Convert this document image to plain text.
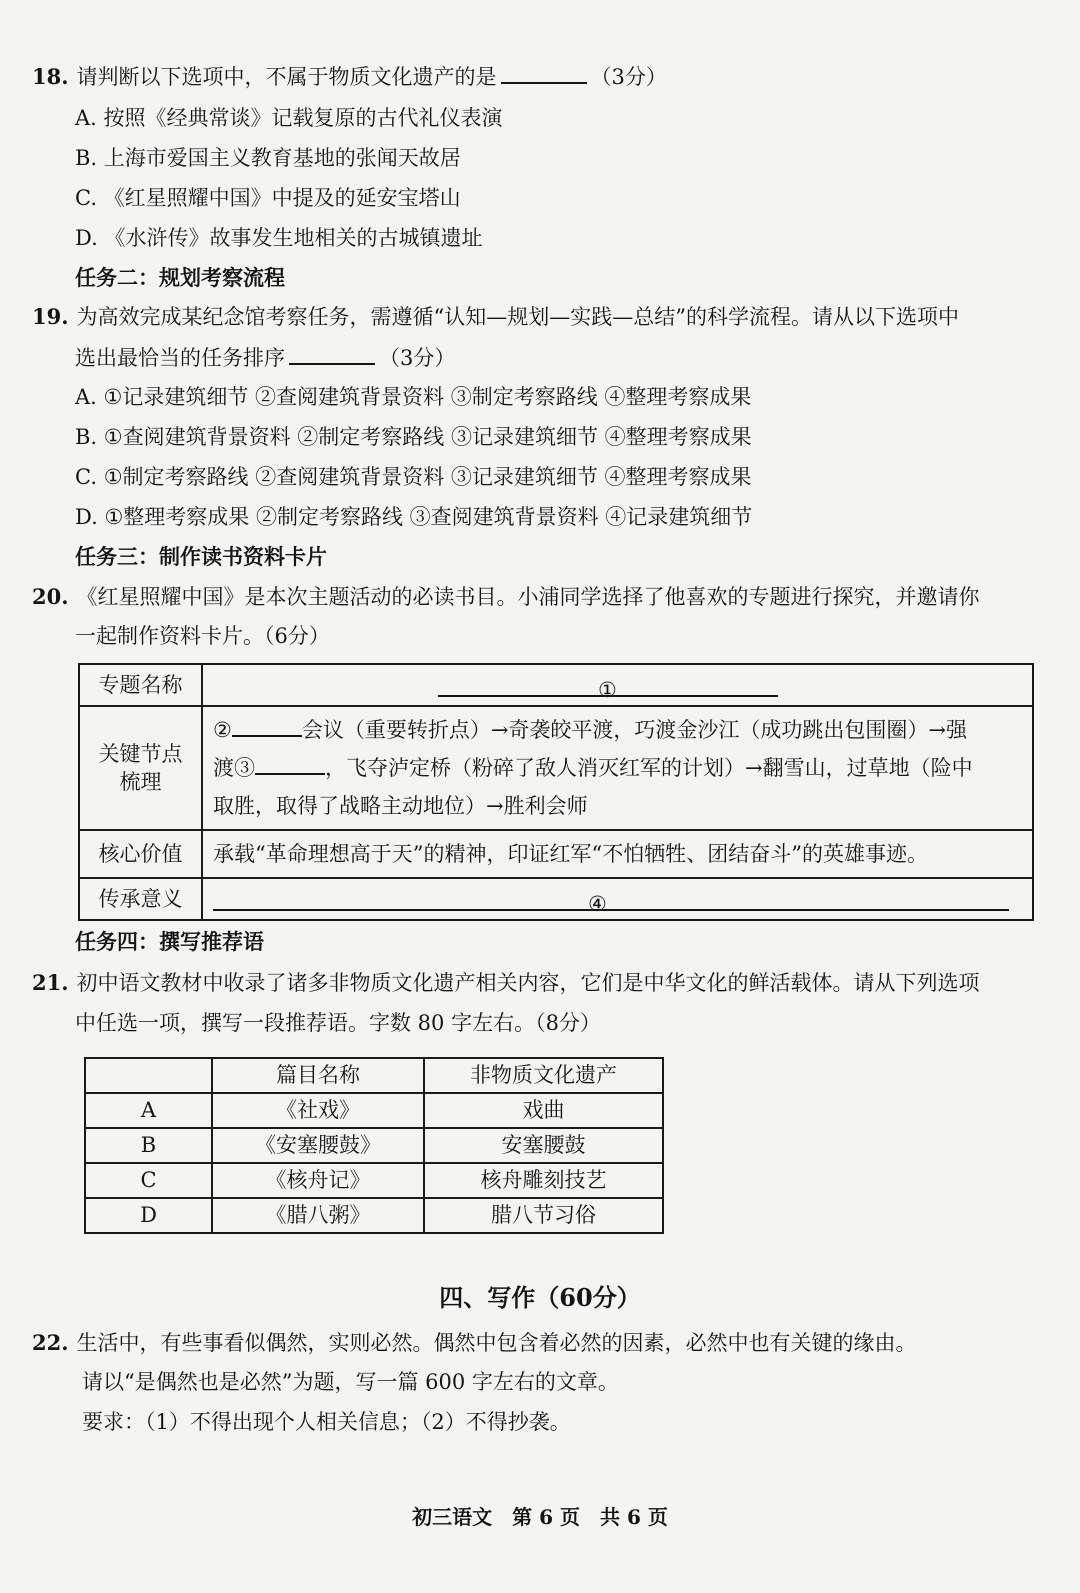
18. 请判断以下选项中，不属于物质文化遗产的是	（3分）
A. 按照《经典常谈》记载复原的古代礼仪表演
B. 上海市爱国主义教育基地的张闻天故居
C. 《红星照耀中国》中提及的延安宝塔山
D. 《水浒传》故事发生地相关的古城镇遗址
任务二：规划考察流程
19. 为高效完成某纪念馆考察任务，需遵循“认知—规划—实践—总结”的科学流程。请从以下选项中
选出最恰当的任务排序	（3分）
A. ①记录建筑细节 ②查阅建筑背景资料 ③制定考察路线 ④整理考察成果
B. ①查阅建筑背景资料 ②制定考察路线 ③记录建筑细节 ④整理考察成果
C. ①制定考察路线 ②查阅建筑背景资料 ③记录建筑细节 ④整理考察成果
D. ①整理考察成果 ②制定考察路线 ③查阅建筑背景资料 ④记录建筑细节
任务三：制作读书资料卡片
20. 《红星照耀中国》是本次主题活动的必读书目。小浦同学选择了他喜欢的专题进行探究，并邀请你
一起制作资料卡片。（6分）
专题名称	①

关键节点
梳理	② 会议（重要转折点）→奇袭皎平渡，巧渡金沙江（成功跳出包围圈）→强
渡③ ，飞夺泸定桥（粉碎了敌人消灭红军的计划）→翻雪山，过草地（险中
取胜，取得了战略主动地位）→胜利会师
核心价值	承载“革命理想高于天”的精神，印证红军“不怕牺牲、团结奋斗”的英雄事迹。
传承意义	④
任务四：撰写推荐语
21. 初中语文教材中收录了诸多非物质文化遗产相关内容，它们是中华文化的鲜活载体。请从下列选项
中任选一项，撰写一段推荐语。字数 80 字左右。（8分）
	篇目名称	非物质文化遗产
A	《社戏》	戏曲
B	《安塞腰鼓》	安塞腰鼓
C	《核舟记》	核舟雕刻技艺
D	《腊八粥》	腊八节习俗
四、写作（60分）
22. 生活中，有些事看似偶然，实则必然。偶然中包含着必然的因素，必然中也有关键的缘由。
请以“是偶然也是必然”为题，写一篇 600 字左右的文章。
要求：（1）不得出现个人相关信息；（2）不得抄袭。
初三语文　第 6 页　共 6 页
